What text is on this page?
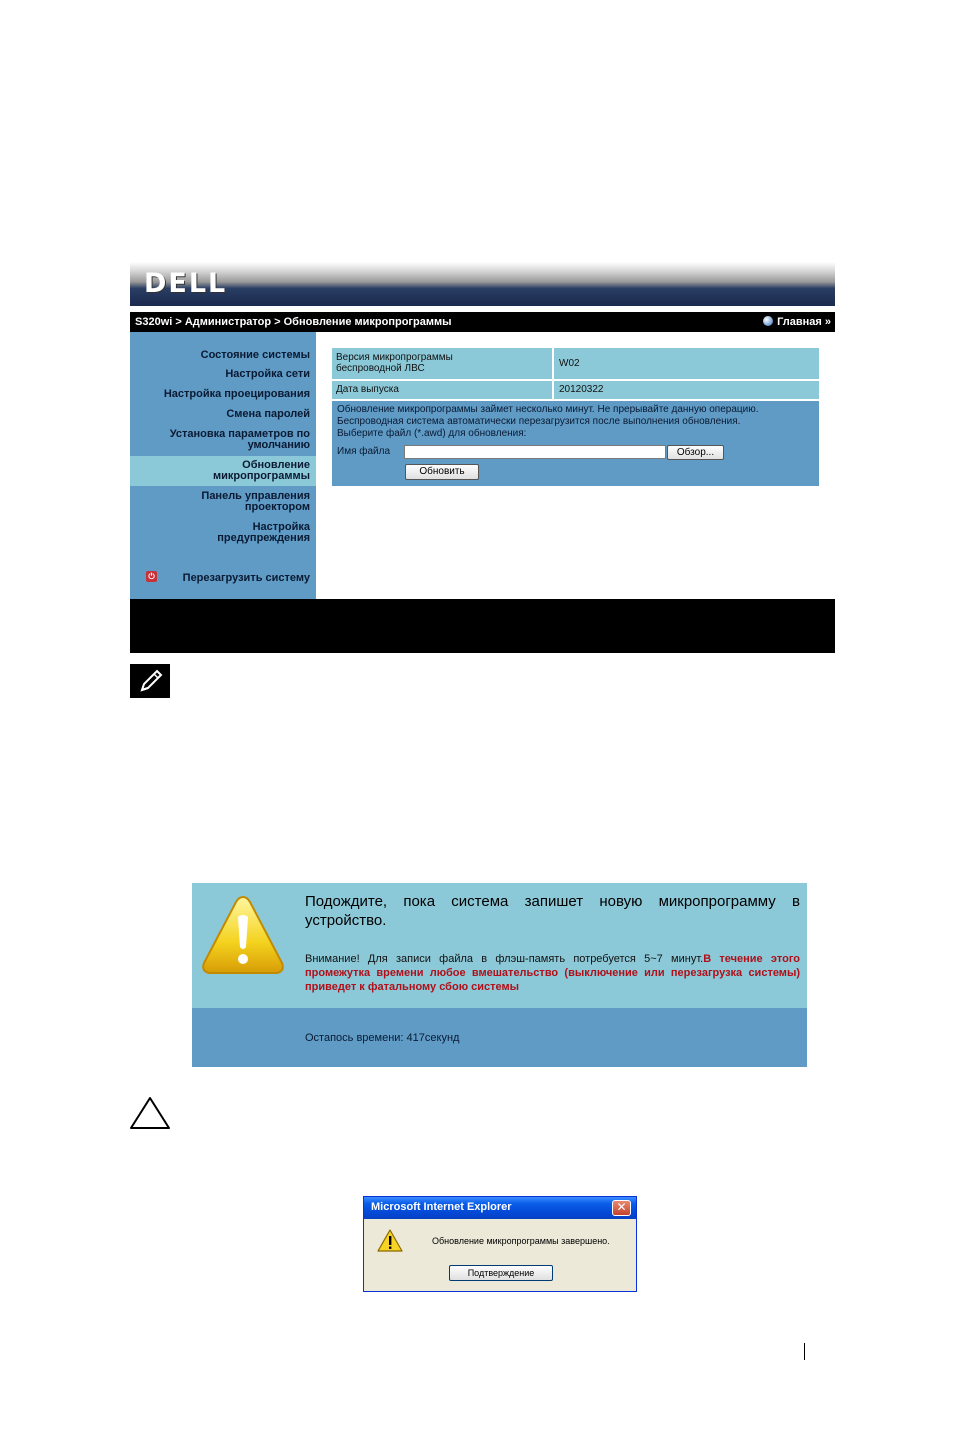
DELL
S320wi > Администратор > Обновление микропрограммы	Главная »
Состояние системы
Настройка сети
Настройка проецирования
Смена паролей
Установка параметров по умолчанию
Обновление микропрограммы
Панель управления проектором
Настройка предупреждения
⏻	Перезагрузить систему
Версия микропрограммы беспроводной ЛВС	W02
Дата выпуска	20120322
Обновление микропрограммы займет несколько минут. Не прерывайте данную операцию. Беспроводная система автоматически перезагрузится после выполнения обновления. Выберите файл (*.awd) для обновления:
Имя файла	Обзор...
Обновить
Подождите, пока система запишет новую микропрограмму в устройство.
Внимание! Для записи файла в флэш-память потребуется 5~7 минут.В течение этого промежутка времени любое вмешательство (выключение или перезагрузка системы) приведет к фатальному сбою системы
Остапось времени: 417секунд
Microsoft Internet Explorer	✕
Обновление микропрограммы завершено.
Подтверждение
